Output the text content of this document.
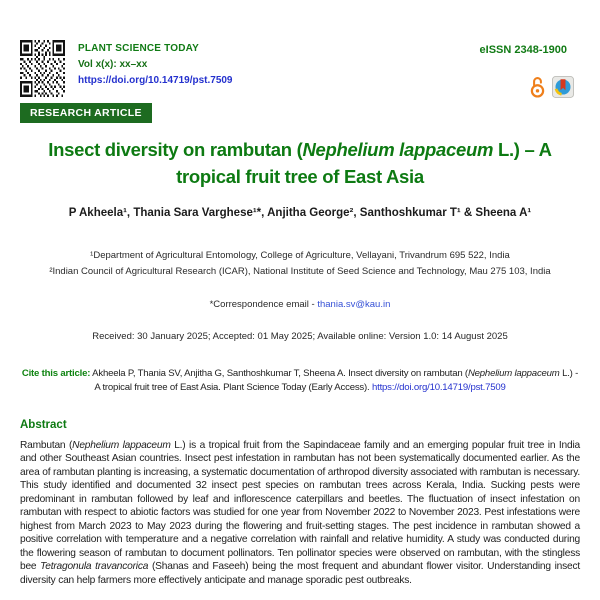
PLANT SCIENCE TODAY
Vol x(x): xx–xx
https://doi.org/10.14719/pst.7509
eISSN 2348-1900
RESEARCH ARTICLE
Insect diversity on rambutan (Nephelium lappaceum L.) – A
tropical fruit tree of East Asia
P Akheela¹, Thania Sara Varghese¹*, Anjitha George², Santhoshkumar T¹ & Sheena A¹
¹Department of Agricultural Entomology, College of Agriculture, Vellayani, Trivandrum 695 522, India
²Indian Council of Agricultural Research (ICAR), National Institute of Seed Science and Technology, Mau 275 103, India
*Correspondence email - thania.sv@kau.in
Received: 30 January 2025; Accepted: 01 May 2025; Available online: Version 1.0: 14 August 2025
Cite this article: Akheela P, Thania SV, Anjitha G, Santhoshkumar T, Sheena A. Insect diversity on rambutan (Nephelium lappaceum L.) - A tropical fruit tree of East Asia. Plant Science Today (Early Access). https://doi.org/10.14719/pst.7509
Abstract
Rambutan (Nephelium lappaceum L.) is a tropical fruit from the Sapindaceae family and an emerging popular fruit tree in India and other Southeast Asian countries. Insect pest infestation in rambutan has not been systematically documented earlier. As the area of rambutan planting is increasing, a systematic documentation of arthropod diversity associated with rambutan is necessary. This study identified and documented 32 insect pest species on rambutan trees across Kerala, India. Sucking pests were predominant in rambutan followed by leaf and inflorescence caterpillars and beetles. The fluctuation of insect infestation on rambutan with respect to abiotic factors was studied for one year from November 2022 to November 2023. Pest infestations were highest from March 2023 to May 2023 during the flowering and fruit-setting stages. The pest incidence in rambutan showed a positive correlation with temperature and a negative correlation with rainfall and relative humidity. A study was conducted during the flowering season of rambutan to document pollinators. Ten pollinator species were observed on rambutan, with the stingless bee Tetragonula travancorica (Shanas and Faseeh) being the most frequent and abundant flower visitor. Understanding insect diversity can help farmers more effectively anticipate and manage sporadic pest outbreaks.
